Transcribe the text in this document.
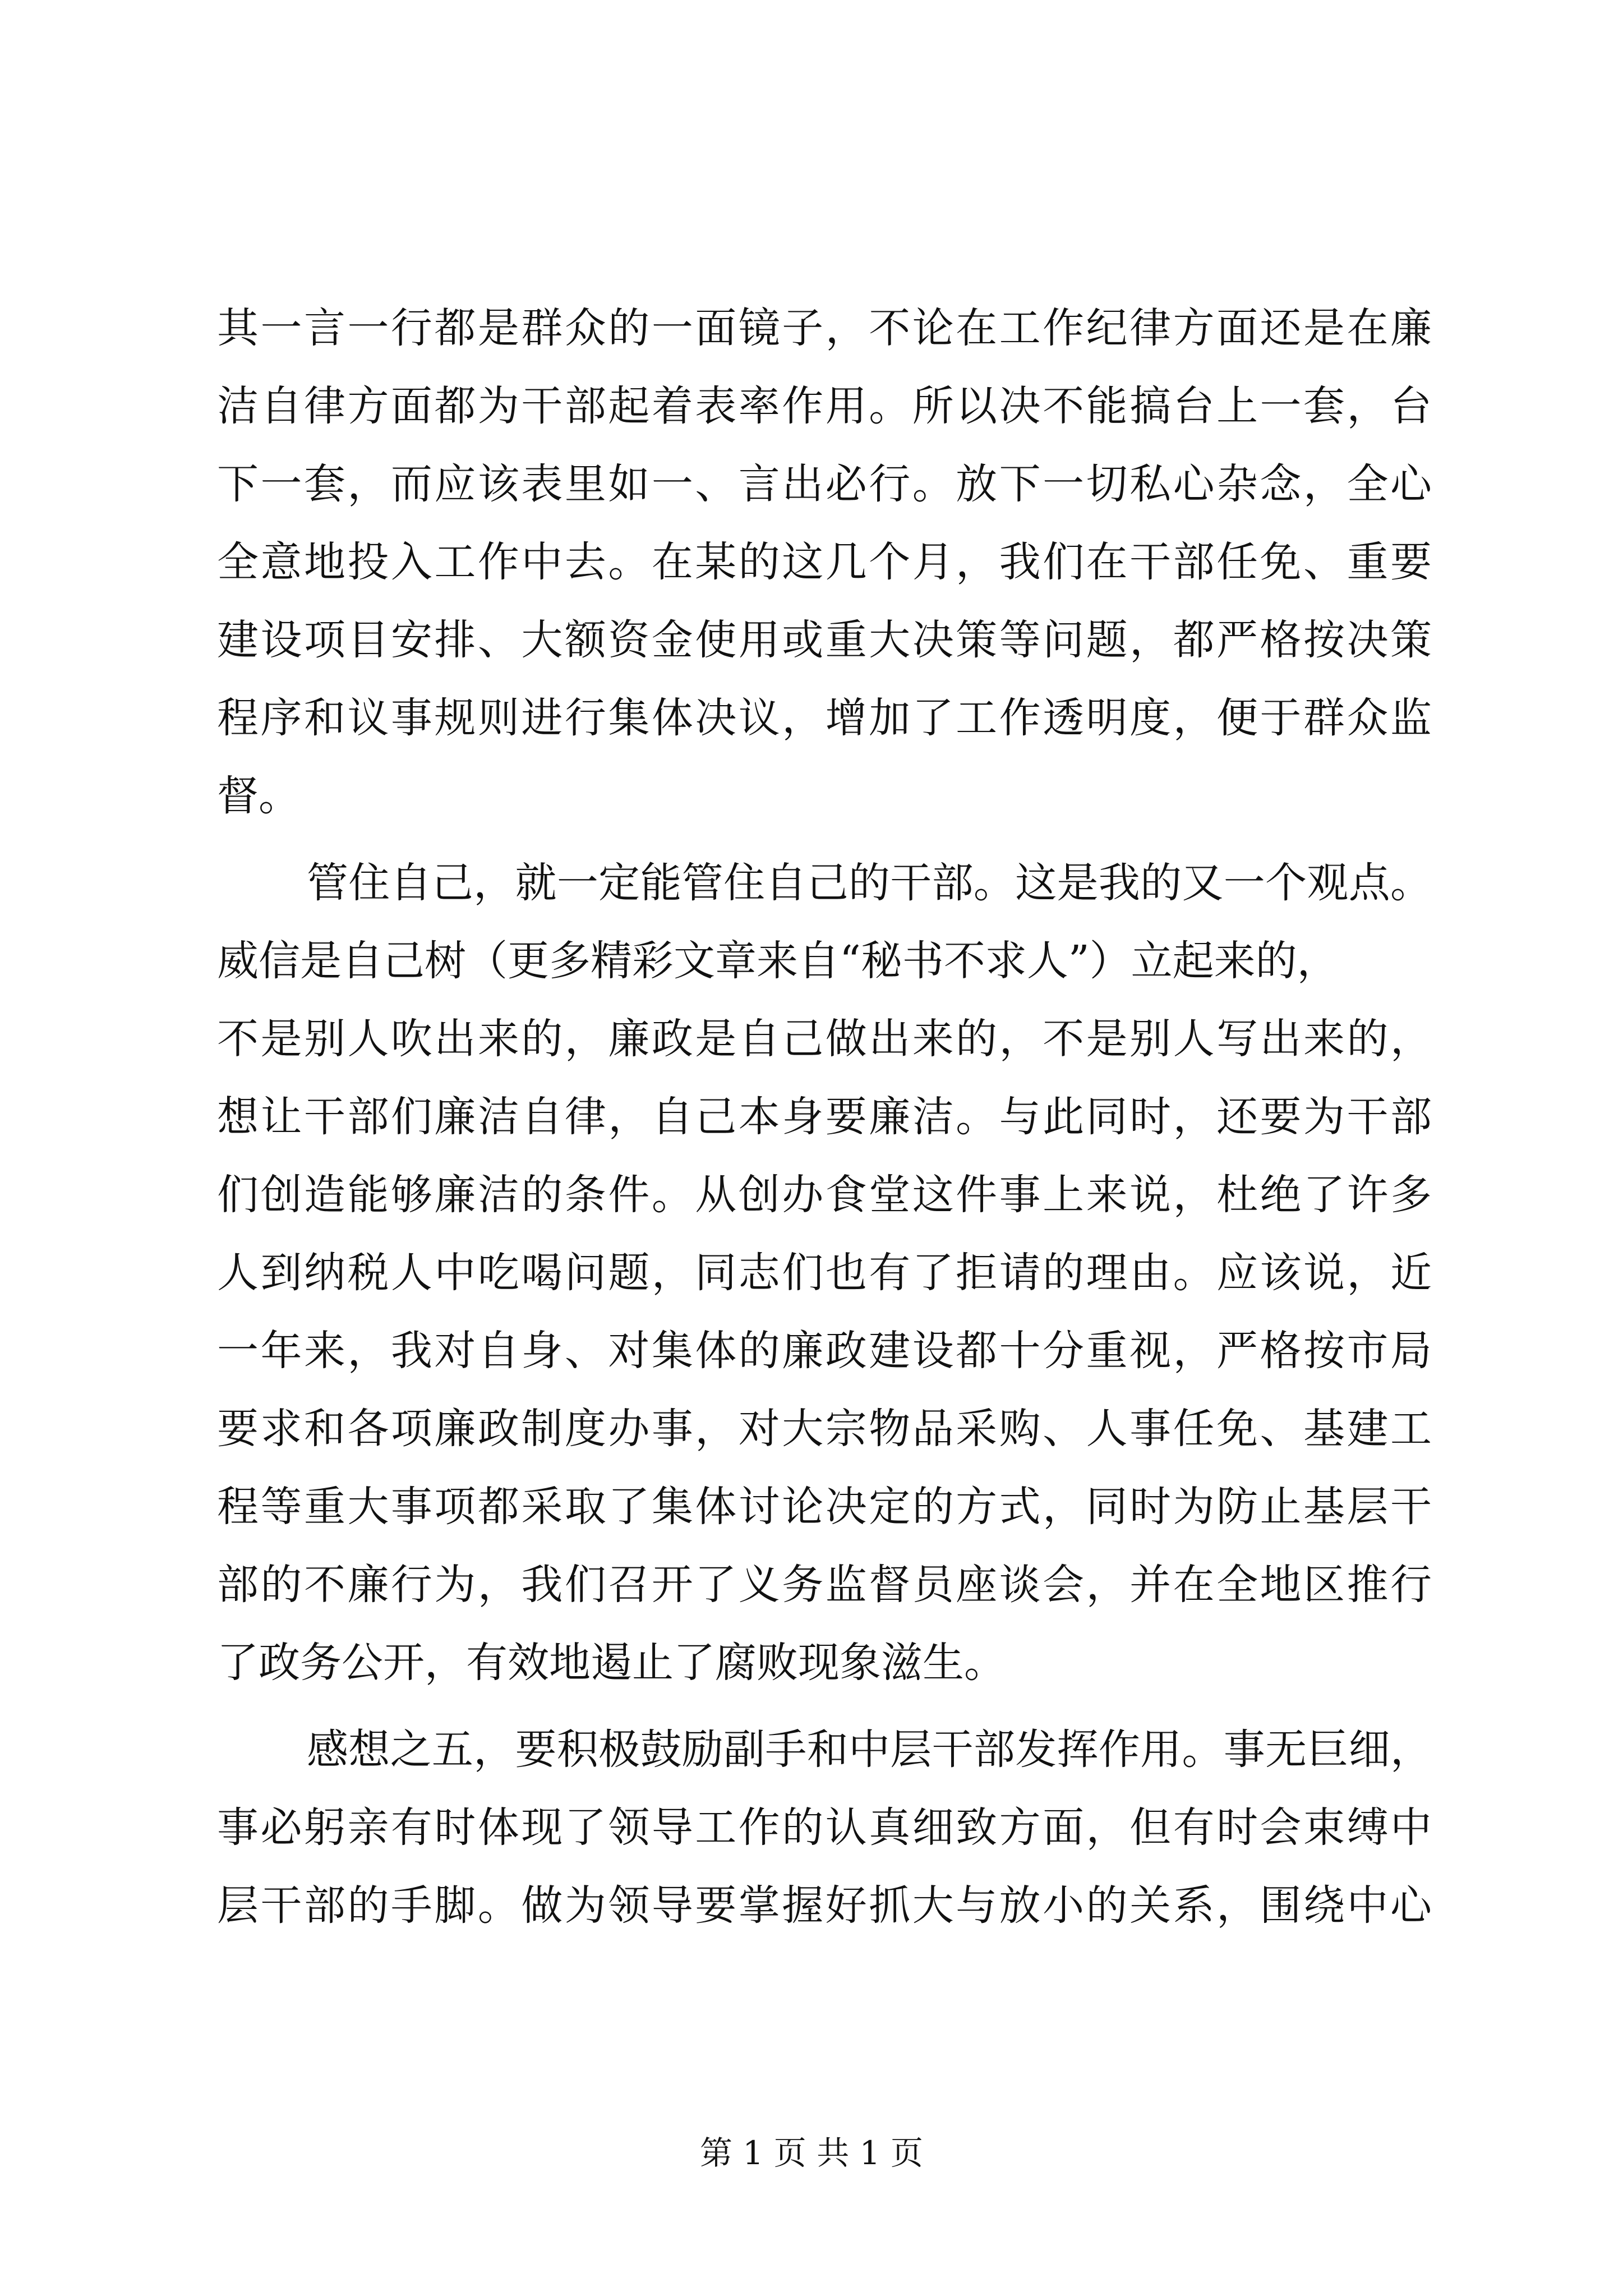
其一言一行都是群众的一面镜子，不论在工作纪律方面还是在廉
洁自律方面都为干部起着表率作用。所以决不能搞台上一套，台
下一套，而应该表里如一、言出必行。放下一切私心杂念，全心
全意地投入工作中去。在某的这几个月，我们在干部任免、重要
建设项目安排、大额资金使用或重大决策等问题，都严格按决策
程序和议事规则进行集体决议，增加了工作透明度，便于群众监
督。
管住自己，就一定能管住自己的干部。这是我的又一个观点。
威信是自己树（更多精彩文章来自“秘书不求人”）立起来的，
不是别人吹出来的，廉政是自己做出来的，不是别人写出来的，
想让干部们廉洁自律，自己本身要廉洁。与此同时，还要为干部
们创造能够廉洁的条件。从创办食堂这件事上来说，杜绝了许多
人到纳税人中吃喝问题，同志们也有了拒请的理由。应该说，近
一年来，我对自身、对集体的廉政建设都十分重视，严格按市局
要求和各项廉政制度办事，对大宗物品采购、人事任免、基建工
程等重大事项都采取了集体讨论决定的方式，同时为防止基层干
部的不廉行为，我们召开了义务监督员座谈会，并在全地区推行
了政务公开，有效地遏止了腐败现象滋生。
感想之五，要积极鼓励副手和中层干部发挥作用。事无巨细，
事必躬亲有时体现了领导工作的认真细致方面，但有时会束缚中
层干部的手脚。做为领导要掌握好抓大与放小的关系，围绕中心
第 1 页 共 1 页
